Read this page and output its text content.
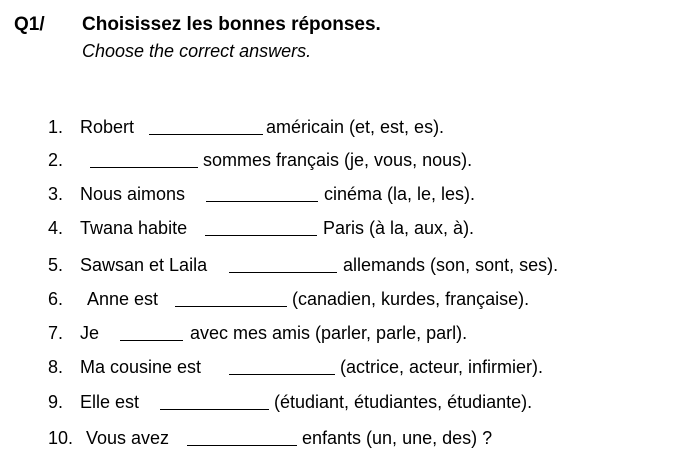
Q1/ Choisissez les bonnes réponses.
Choose the correct answers.
1. Robert	américain (et, est, es).
2.	sommes français (je, vous, nous).
3. Nous aimons	cinéma (la, le, les).
4. Twana habite	Paris (à la, aux, à).
5. Sawsan et Laila	allemands (son, sont, ses).
6. Anne est	(canadien, kurdes, française).
7. Je	avec mes amis (parler, parle, parl).
8. Ma cousine est	(actrice, acteur, infirmier).
9. Elle est	(étudiant, étudiantes, étudiante).
10. Vous avez	enfants (un, une, des) ?
